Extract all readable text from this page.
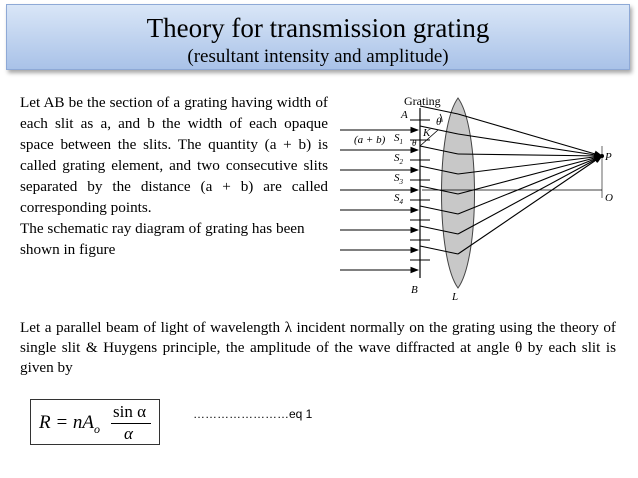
Theory for transmission grating
(resultant intensity and amplitude)

Let AB be the section of a grating having width of each slit as a, and b the width of each opaque space between the slits. The quantity (a + b) is called grating element, and two consecutive slits separated by the distance (a + b) are called corresponding points.

The schematic ray diagram of grating has been shown in figure

Grating
A
(a + b) $S_1$
$S_2$
$S_3$
$S_4$
K
θ
θ
B
P
O
L
Let a parallel beam of light of wavelength λ incident normally on the grating using the theory of single slit & Huygens principle, the amplitude of the wave diffracted at angle θ by each slit is given by
$R = nA_o$
sin α
α
……………………eq 1
